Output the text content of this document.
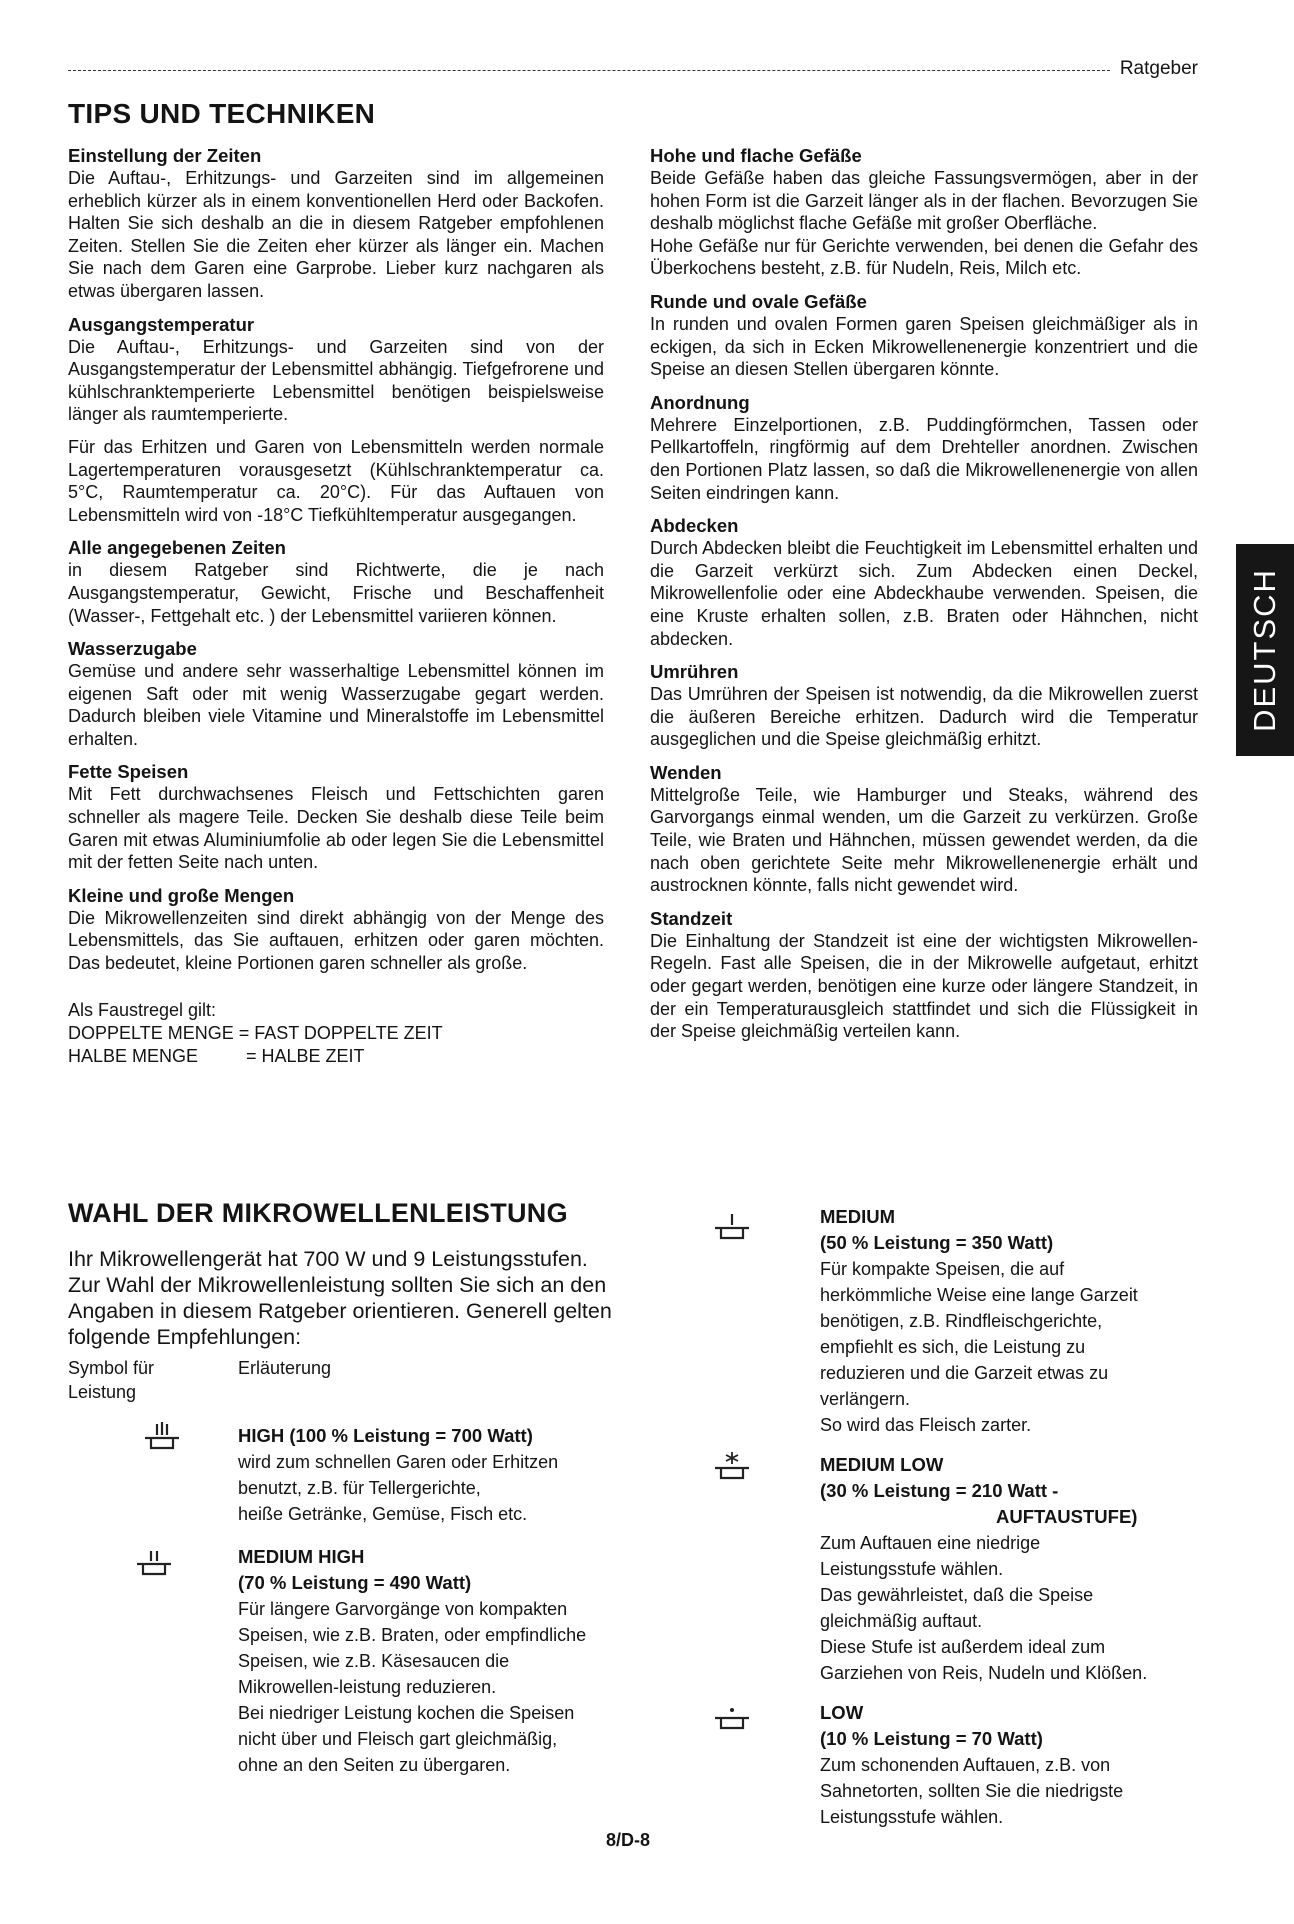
Ratgeber
DEUTSCH
TIPS UND TECHNIKEN
Einstellung der Zeiten

Die Auftau-, Erhitzungs- und Garzeiten sind im allgemeinen erheblich kürzer als in einem konventionellen Herd oder Backofen. Halten Sie sich deshalb an die in diesem Ratgeber empfohlenen Zeiten. Stellen Sie die Zeiten eher kürzer als länger ein. Machen Sie nach dem Garen eine Garprobe. Lieber kurz nachgaren als etwas übergaren lassen.

Ausgangstemperatur

Die Auftau-, Erhitzungs- und Garzeiten sind von der Ausgangstemperatur der Lebensmittel abhängig. Tiefgefrorene und kühlschranktemperierte Lebensmittel benötigen beispielsweise länger als raumtemperierte.

Für das Erhitzen und Garen von Lebensmitteln werden normale Lagertemperaturen vorausgesetzt (Kühlschranktemperatur ca. 5°C, Raumtemperatur ca. 20°C). Für das Auftauen von Lebensmitteln wird von -18°C Tiefkühltemperatur ausgegangen.

Alle angegebenen Zeiten

in diesem Ratgeber sind Richtwerte, die je nach Ausgangstemperatur, Gewicht, Frische und Beschaffenheit (Wasser-, Fettgehalt etc. ) der Lebensmittel variieren können.

Wasserzugabe

Gemüse und andere sehr wasserhaltige Lebensmittel können im eigenen Saft oder mit wenig Wasserzugabe gegart werden. Dadurch bleiben viele Vitamine und Mineralstoffe im Lebensmittel erhalten.

Fette Speisen

Mit Fett durchwachsenes Fleisch und Fettschichten garen schneller als magere Teile. Decken Sie deshalb diese Teile beim Garen mit etwas Aluminiumfolie ab oder legen Sie die Lebensmittel mit der fetten Seite nach unten.

Kleine und große Mengen

Die Mikrowellenzeiten sind direkt abhängig von der Menge des Lebensmittels, das Sie auftauen, erhitzen oder garen möchten. Das bedeutet, kleine Portionen garen schneller als große.

Als Faustregel gilt:
DOPPELTE MENGE = FAST DOPPELTE ZEIT
HALBE MENGE	= HALBE ZEIT
Hohe und flache Gefäße

Beide Gefäße haben das gleiche Fassungsvermögen, aber in der hohen Form ist die Garzeit länger als in der flachen. Bevorzugen Sie deshalb möglichst flache Gefäße mit großer Oberfläche.

Hohe Gefäße nur für Gerichte verwenden, bei denen die Gefahr des Überkochens besteht, z.B. für Nudeln, Reis, Milch etc.

Runde und ovale Gefäße

In runden und ovalen Formen garen Speisen gleichmäßiger als in eckigen, da sich in Ecken Mikrowellenenergie konzentriert und die Speise an diesen Stellen übergaren könnte.

Anordnung

Mehrere Einzelportionen, z.B. Puddingförmchen, Tassen oder Pellkartoffeln, ringförmig auf dem Drehteller anordnen. Zwischen den Portionen Platz lassen, so daß die Mikrowellenenergie von allen Seiten eindringen kann.

Abdecken

Durch Abdecken bleibt die Feuchtigkeit im Lebensmittel erhalten und die Garzeit verkürzt sich. Zum Abdecken einen Deckel, Mikrowellenfolie oder eine Abdeckhaube verwenden. Speisen, die eine Kruste erhalten sollen, z.B. Braten oder Hähnchen, nicht abdecken.

Umrühren

Das Umrühren der Speisen ist notwendig, da die Mikrowellen zuerst die äußeren Bereiche erhitzen. Dadurch wird die Temperatur ausgeglichen und die Speise gleichmäßig erhitzt.

Wenden

Mittelgroße Teile, wie Hamburger und Steaks, während des Garvorgangs einmal wenden, um die Garzeit zu verkürzen. Große Teile, wie Braten und Hähnchen, müssen gewendet werden, da die nach oben gerichtete Seite mehr Mikrowellenenergie erhält und austrocknen könnte, falls nicht gewendet wird.

Standzeit

Die Einhaltung der Standzeit ist eine der wichtigsten Mikrowellen-Regeln. Fast alle Speisen, die in der Mikrowelle aufgetaut, erhitzt oder gegart werden, benötigen eine kurze oder längere Standzeit, in der ein Temperaturausgleich stattfindet und sich die Flüssigkeit in der Speise gleichmäßig verteilen kann.

WAHL DER MIKROWELLENLEISTUNG
Ihr Mikrowellengerät hat 700 W und 9 Leistungsstufen. Zur Wahl der Mikrowellenleistung sollten Sie sich an den Angaben in diesem Ratgeber orientieren. Generell gelten folgende Empfehlungen:
Symbol für Leistung
Erläuterung
HIGH (100 % Leistung = 700 Watt)
wird zum schnellen Garen oder Erhitzen
benutzt, z.B. für Tellergerichte,
heiße Getränke, Gemüse, Fisch etc.
MEDIUM HIGH
(70 % Leistung = 490 Watt)
Für längere Garvorgänge von kompakten
Speisen, wie z.B. Braten, oder empfindliche
Speisen, wie z.B. Käsesaucen die
Mikrowellen-leistung reduzieren.
Bei niedriger Leistung kochen die Speisen
nicht über und Fleisch gart gleichmäßig,
ohne an den Seiten zu übergaren.
MEDIUM
(50 % Leistung = 350 Watt)
Für kompakte Speisen, die auf
herkömmliche Weise eine lange Garzeit
benötigen, z.B. Rindfleischgerichte,
empfiehlt es sich, die Leistung zu
reduzieren und die Garzeit etwas zu
verlängern.
So wird das Fleisch zarter.
MEDIUM LOW
(30 % Leistung = 210 Watt -
AUFTAUSTUFE)
Zum Auftauen eine niedrige
Leistungsstufe wählen.
Das gewährleistet, daß die Speise
gleichmäßig auftaut.
Diese Stufe ist außerdem ideal zum
Garziehen von Reis, Nudeln und Klößen.
LOW
(10 % Leistung = 70 Watt)
Zum schonenden Auftauen, z.B. von
Sahnetorten, sollten Sie die niedrigste
Leistungsstufe wählen.
8/D-8
